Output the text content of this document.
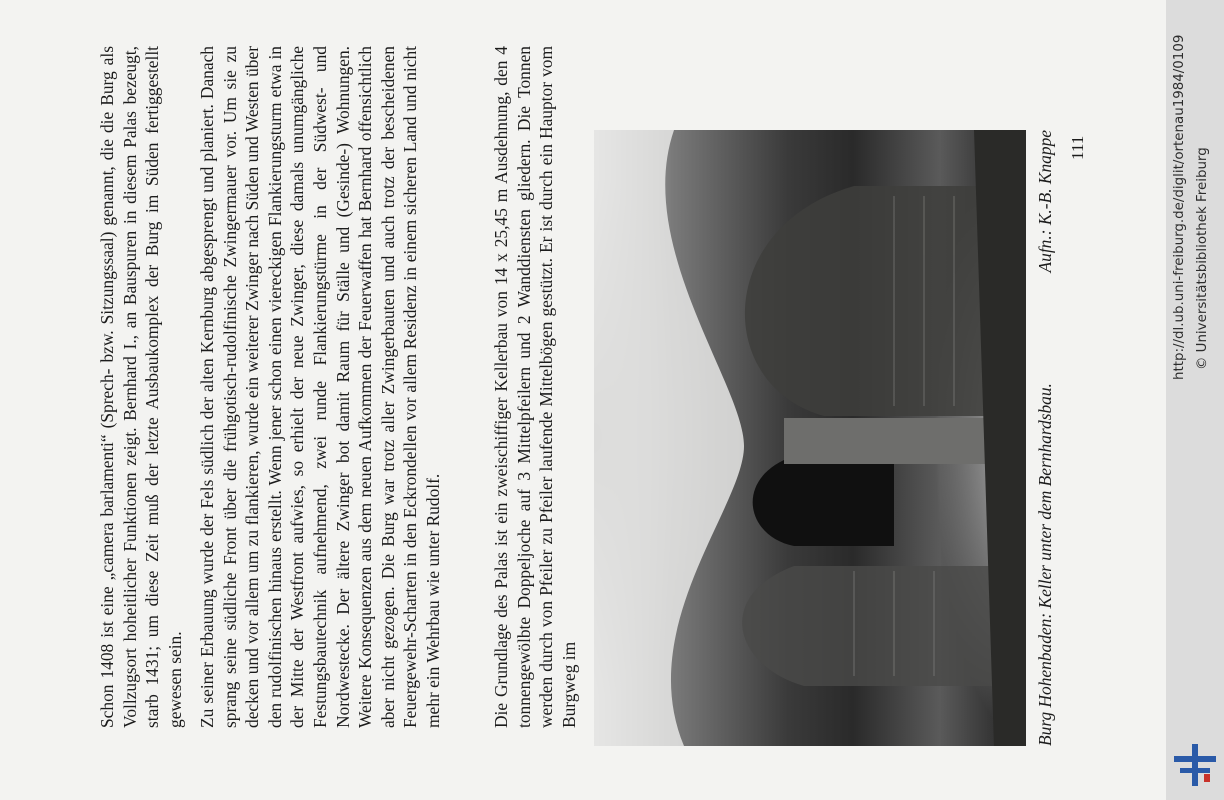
Schon 1408 ist eine „camera barlamenti“ (Sprech- bzw. Sitzungssaal) genannt, die die Burg als Vollzugsort hoheitlicher Funktionen zeigt. Bernhard I., an Bauspuren in diesem Palas bezeugt, starb 1431; um diese Zeit muß der letzte Ausbaukomplex der Burg im Süden fertiggestellt gewesen sein. Zu seiner Erbauung wurde der Fels südlich der alten Kernburg abgesprengt und planiert. Danach sprang seine südliche Front über die frühgotisch-rudolfinische Zwingermauer vor. Um sie zu decken und vor allem um zu flankieren, wurde ein weiterer Zwinger nach Süden und Westen über den rudolfinischen hinaus erstellt. Wenn jener schon einen viereckigen Flankierungsturm etwa in der Mitte der Westfront aufwies, so erhielt der neue Zwinger, diese damals unumgängliche Festungsbautechnik aufnehmend, zwei runde Flankierungstürme in der Südwest- und Nordwestecke. Der ältere Zwinger bot damit Raum für Ställe und (Gesinde-) Wohnungen. Weitere Konsequenzen aus dem neuen Aufkommen der Feuerwaffen hat Bernhard offensichtlich aber nicht gezogen. Die Burg war trotz aller Zwingerbauten und auch trotz der bescheidenen Feuergewehr-Scharten in den Eckrondellen vor allem Residenz in einem sicheren Land und nicht mehr ein Wehrbau wie unter Rudolf.	Die Grundlage des Palas ist ein zweischiffiger Kellerbau von 14 x 25,45 m Ausdehnung, den 4 tonnengewölbte Doppeljoche auf 3 Mittelpfeilern und 2 Wanddiensten gliedern. Die Tonnen werden durch von Pfeiler zu Pfeiler laufende Mittelbögen gestützt. Er ist durch ein Hauptor vom Burgweg im	Burg Hohenbaden: Keller unter dem Bernhardsbau.
Aufn.: K.-B. Knappe 111	http://dl.ub.uni-freiburg.de/diglit/ortenau1984/0109 © Universitätsbibliothek Freiburg
